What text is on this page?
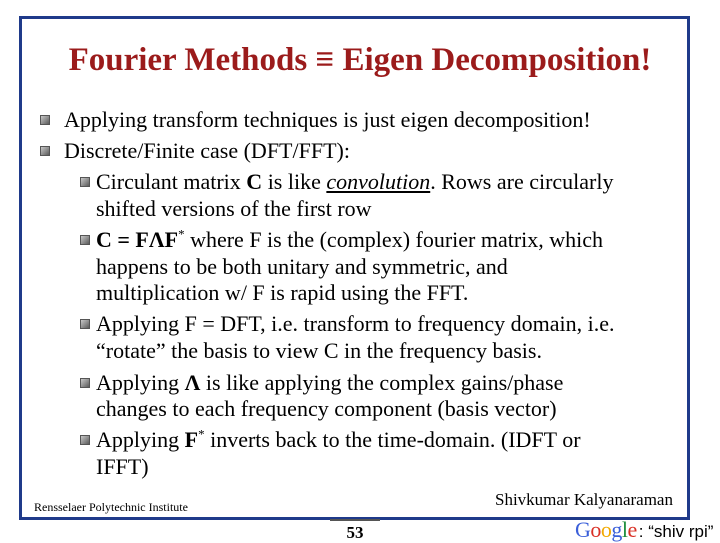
Fourier Methods ≡ Eigen Decomposition!
Applying transform techniques is just eigen decomposition!
Discrete/Finite case (DFT/FFT):
Circulant matrix C is like convolution. Rows are circularly
shifted versions of the first row
C = FΛF* where F is the (complex) fourier matrix, which
happens to be both unitary and symmetric, and
multiplication w/ F is rapid using the FFT.
Applying F = DFT, i.e. transform to frequency domain, i.e.
“rotate” the basis to view C in the frequency basis.
Applying Λ is like applying the complex gains/phase
changes to each frequency component (basis vector)
Applying F* inverts back to the time-domain. (IDFT or
IFFT)
Rensselaer Polytechnic Institute	Shivkumar Kalyanaraman
53	Google : “shiv rpi”
